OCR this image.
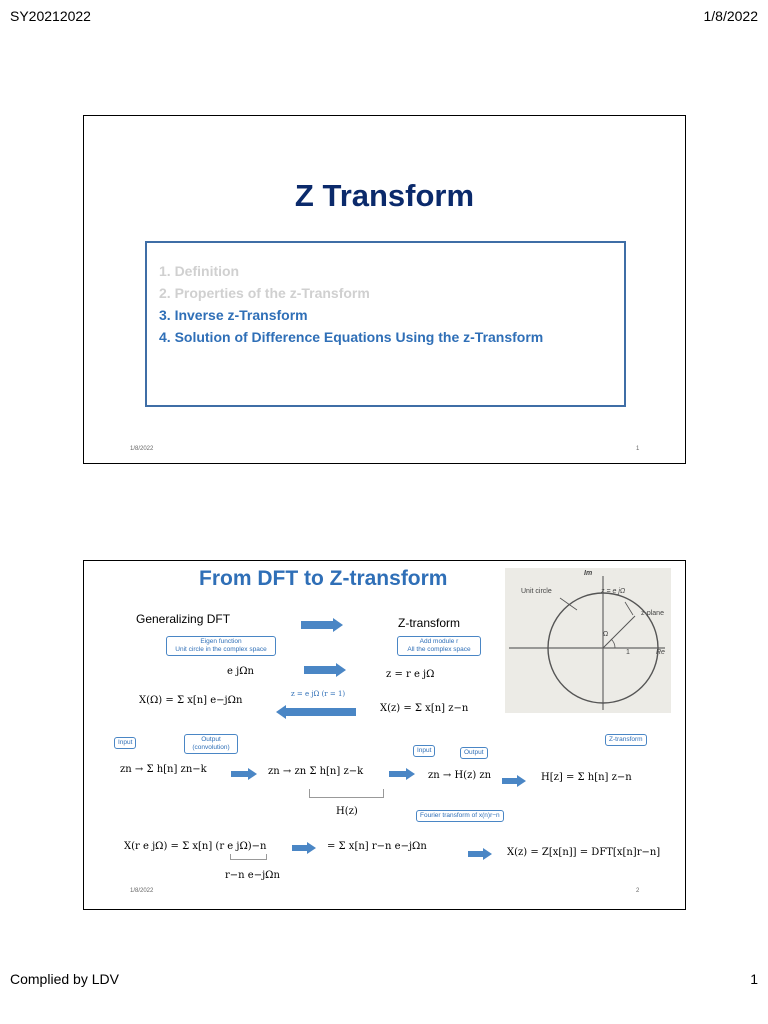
SY20212022	1/8/2022
Z Transform
1. Definition
2. Properties of the z-Transform
3. Inverse z-Transform
4. Solution of Difference Equations Using the z-Transform
1/8/2022	1
From DFT to Z-transform	Im
Unit circle	z = e jΩ
z-plane
Ω
1	Re
Generalizing DFT	Z-transform
Eigen function
Unit circle in the complex space
Add module r
All the complex space
e jΩn	z = r e jΩ
X(Ω) = Σ x[n] e−jΩn
z = e jΩ (r = 1)
X(z) = Σ x[n] z−n
Input	Output
(convolution)
zn → Σ h[n] zn−k	zn → zn Σ h[n] z−k
Input	Output
zn → H(z) zn
Z-transform
H[z] = Σ h[n] z−n
H(z)	Fourier transform of x(n)r−n
X(r e jΩ) = Σ x[n] (r e jΩ)−n
r−n e−jΩn
= Σ x[n] r−n e−jΩn
X(z) = Z[x[n]] = DFT[x[n]r−n]
1/8/2022	2
Complied by LDV	1
